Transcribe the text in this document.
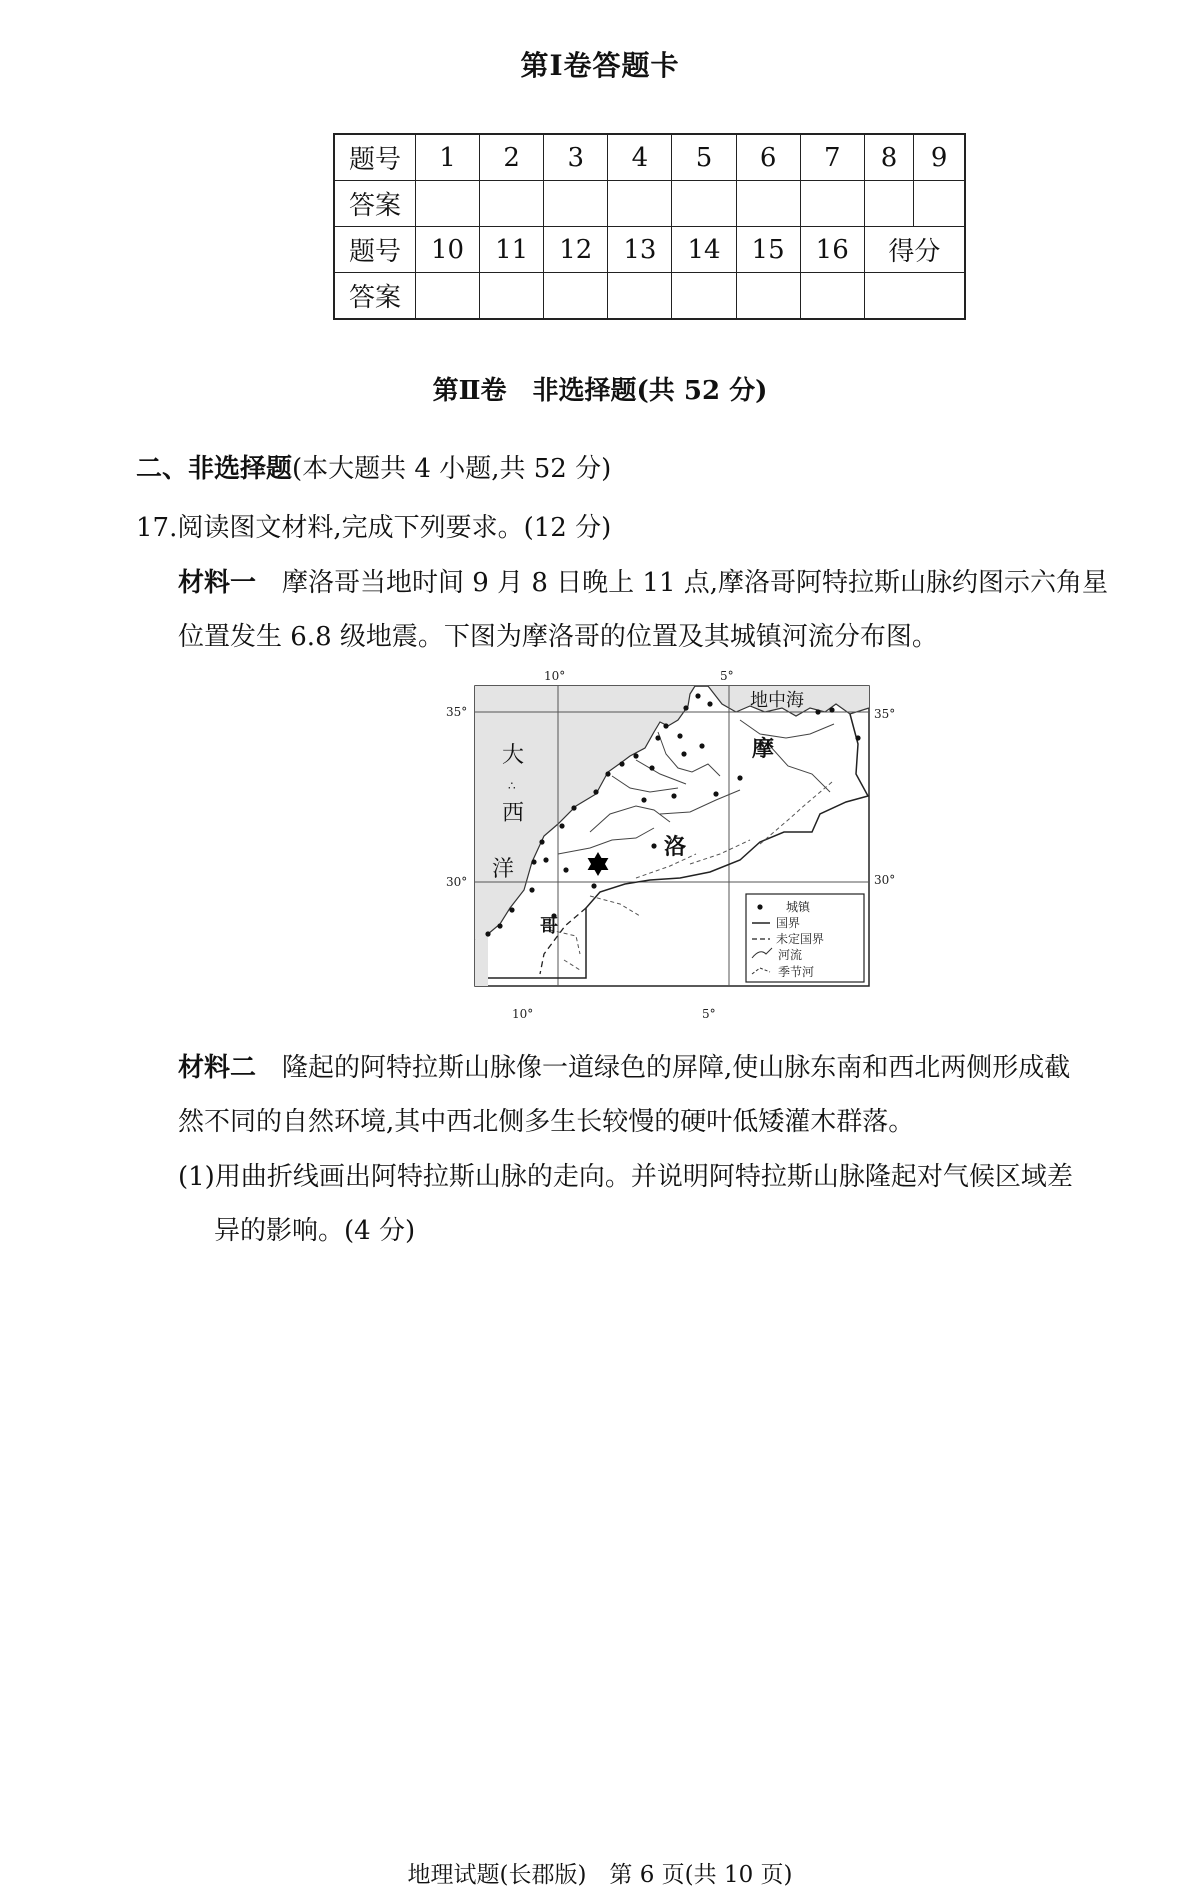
第Ⅰ卷答题卡
题号	1	2	3	4	5	6	7	8	9
答案									
题号	10	11	12	13	14	15	16	得分	
答案									
第Ⅱ卷　非选择题(共 52 分)
二、非选择题(本大题共 4 小题,共 52 分)
17.阅读图文材料,完成下列要求。(12 分)
材料一　摩洛哥当地时间 9 月 8 日晚上 11 点,摩洛哥阿特拉斯山脉约图示六角星
位置发生 6.8 级地震。下图为摩洛哥的位置及其城镇河流分布图。
10°	5°
10°	5°
35°	35°
30°	30°
地中海
大
∴
西
洋
摩
洛
哥
城镇
国界
未定国界
河流
季节河
材料二　隆起的阿特拉斯山脉像一道绿色的屏障,使山脉东南和西北两侧形成截
然不同的自然环境,其中西北侧多生长较慢的硬叶低矮灌木群落。
(1)用曲折线画出阿特拉斯山脉的走向。并说明阿特拉斯山脉隆起对气候区域差
异的影响。(4 分)
地理试题(长郡版)　第 6 页(共 10 页)
